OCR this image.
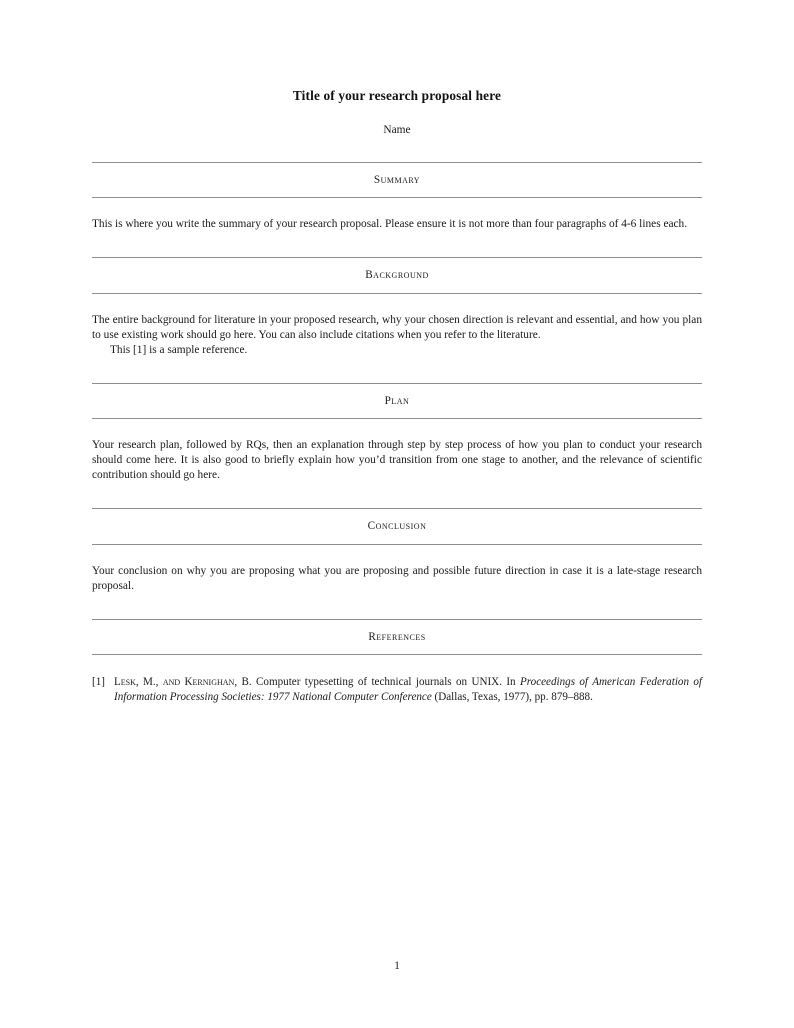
Title of your research proposal here
Name
Summary

This is where you write the summary of your research proposal. Please ensure it is not more than four paragraphs of 4-6 lines each.

Background

The entire background for literature in your proposed research, why your chosen direction is relevant and essential, and how you plan to use existing work should go here. You can also include citations when you refer to the literature.

This [1] is a sample reference.

Plan

Your research plan, followed by RQs, then an explanation through step by step process of how you plan to conduct your research should come here. It is also good to briefly explain how you’d transition from one stage to another, and the relevance of scientific contribution should go here.

Conclusion

Your conclusion on why you are proposing what you are proposing and possible future direction in case it is a late-stage research proposal.

References
[1] Lesk, M., and Kernighan, B. Computer typesetting of technical journals on UNIX. In Proceedings of American Federation of Information Processing Societies: 1977 National Computer Conference (Dallas, Texas, 1977), pp. 879–888.
1
